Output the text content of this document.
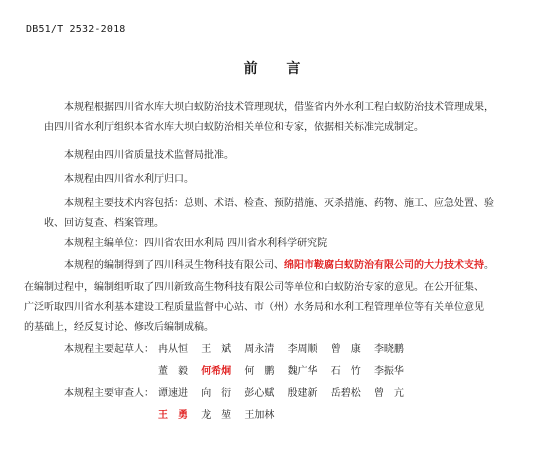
DB51/T 2532-2018
前 言
本规程根据四川省水库大坝白蚁防治技术管理现状，借鉴省内外水利工程白蚁防治技术管理成果，
由四川省水利厅组织本省水库大坝白蚁防治相关单位和专家，依据相关标准完成制定。
本规程由四川省质量技术监督局批准。
本规程由四川省水利厅归口。
本规程主要技术内容包括：总则、术语、检查、预防措施、灭杀措施、药物、施工、应急处置、验
收、回访复查、档案管理。
本规程主编单位：四川省农田水利局 四川省水利科学研究院
本规程的编制得到了四川科灵生物科技有限公司、绵阳市鞍腐白蚁防治有限公司的大力技术支持。
在编制过程中，编制组听取了四川新致高生物科技有限公司等单位和白蚁防治专家的意见。在公开征集、
广泛听取四川省水利基本建设工程质量监督中心站、市（州）水务局和水利工程管理单位等有关单位意见
的基础上，经反复讨论、修改后编制成稿。
本规程主要起草人： 冉从恒 王　斌 周永清 李周顺 曾　康 李晓鹏
董　毅 何希炯 何　鹏 魏广华 石　竹 李振华
本规程主要审查人： 谭速进 向　衍 彭心赋 殷建新 岳碧松 曾　亢
王　勇 龙　堃 王加林
